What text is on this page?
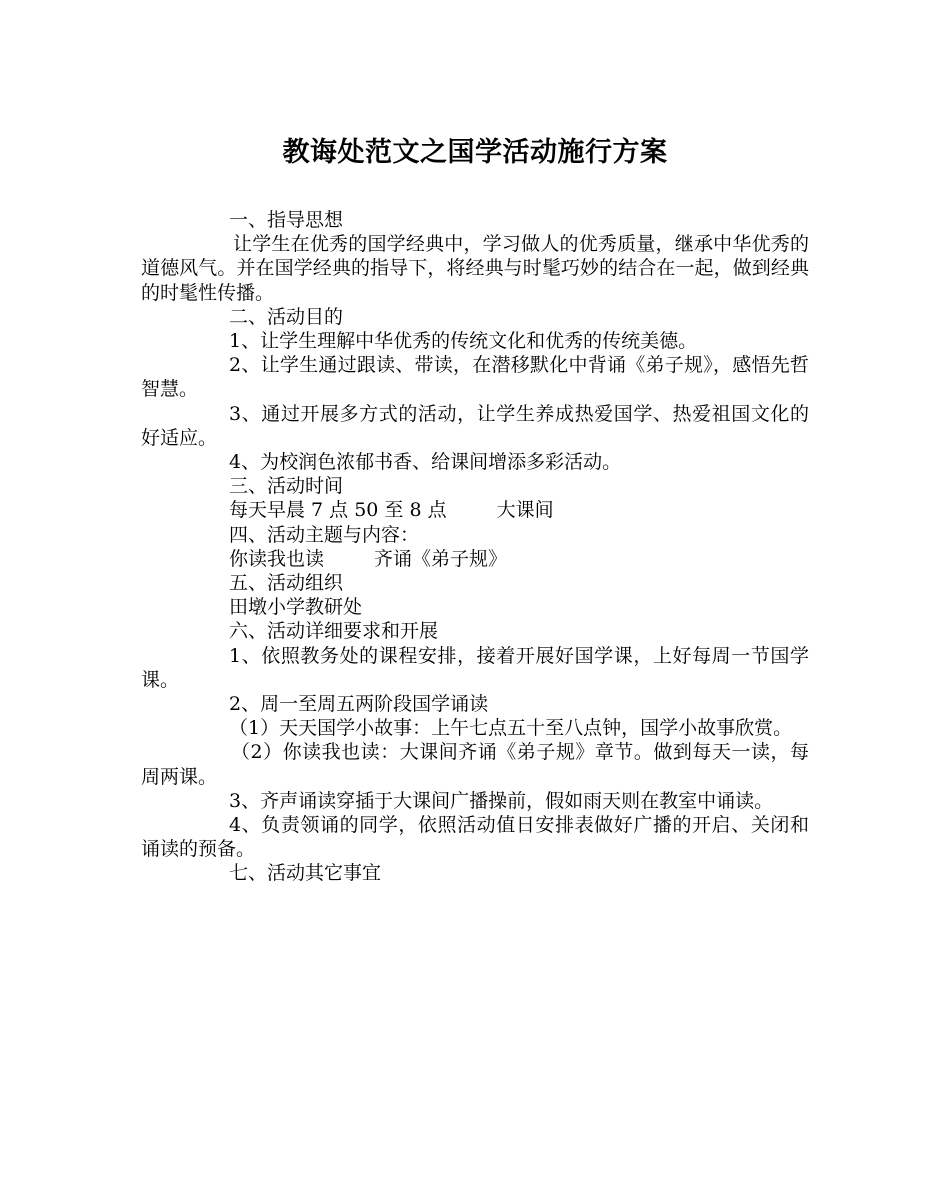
教诲处范文之国学活动施行方案

一、指导思想

让学生在优秀的国学经典中，学习做人的优秀质量，继承中华优秀的道德风气。并在国学经典的指导下，将经典与时髦巧妙的结合在一起，做到经典的时髦性传播。

二、活动目的

1、让学生理解中华优秀的传统文化和优秀的传统美德。

2、让学生通过跟读、带读，在潜移默化中背诵《弟子规》，感悟先哲智慧。

3、通过开展多方式的活动，让学生养成热爱国学、热爱祖国文化的好适应。

4、为校润色浓郁书香、给课间增添多彩活动。

三、活动时间

每天早晨 7 点 50 至 8 点	大课间

四、活动主题与内容：

你读我也读	齐诵《弟子规》

五、活动组织

田墩小学教研处

六、活动详细要求和开展

1、依照教务处的课程安排，接着开展好国学课，上好每周一节国学课。

2、周一至周五两阶段国学诵读

（1）天天国学小故事：上午七点五十至八点钟，国学小故事欣赏。

（2）你读我也读：大课间齐诵《弟子规》章节。做到每天一读，每周两课。

3、齐声诵读穿插于大课间广播操前，假如雨天则在教室中诵读。

4、负责领诵的同学，依照活动值日安排表做好广播的开启、关闭和诵读的预备。

七、活动其它事宜
